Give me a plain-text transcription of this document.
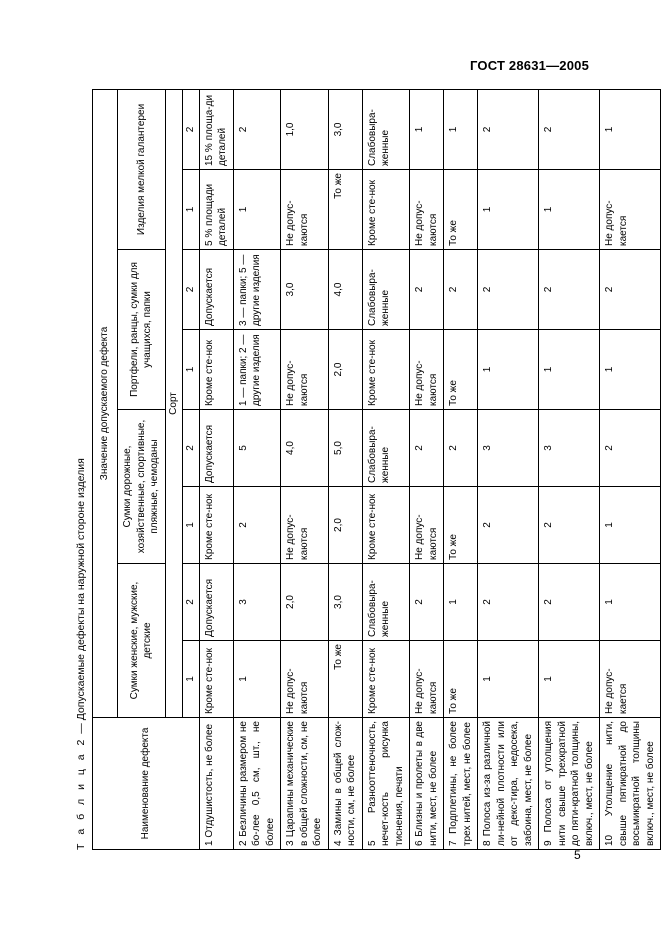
ГОСТ 28631—2005
Т а б л и ц а 2 — Допускаемые дефекты на наружной стороне изделия
Наименование дефекта	Значение допускаемого дефекта							
	Сумки женские, мужские, детские		Сумки дорожные, хозяйственные, спортивные, пляжные, чемоданы		Портфели, ранцы, сумки для учащихся, папки		Изделия мелкой галантереи	
	Сорт							
	1	2	1	2	1	2	1	2
1 Отдушистость, не более	Кроме сте-нок	Допускается	Кроме сте-нок	Допускается	Кроме сте-нок	Допускается	5 % площади деталей	15 % площа-ди деталей
2 Безличины размером не бо-лее 0,5 см, шт., не более	1	3	2	5	1 — папки; 2 — другие изделия	3 — папки; 5 — другие изделия	1	2
3 Царапины механические в общей сложности, см, не более	Не допус-каются	2,0	Не допус-каются	4,0	Не допус-каются	3,0	Не допус-каются	1,0
4 Замины в общей слож-ности, см, не более	То же	3,0	2,0	5,0	2,0	4,0	То же	3,0
5 Разнооттеночность, нечет-кость рисунка тиснения, печати	Кроме сте-нок	Слабовыра-женные	Кроме сте-нок	Слабовыра-женные	Кроме сте-нок	Слабовыра-женные	Кроме сте-нок	Слабовыра-женные
6 Близны и пролеты в две нити, мест, не более	Не допус-каются	2	Не допус-каются	2	Не допус-каются	2	Не допус-каются	1
7 Подплетины, не более трех нитей, мест, не более	То же	1	То же	2	То же	2	То же	1
8 Полоса из-за различной ли-нейной плотности или от декс-тира, недосека, забоина, мест, не более	1	2	2	3	1	2	1	2
9 Полоса от утолщения нити свыше трехкратной до пяти-кратной толщины, включ., мест, не более	1	2	2	3	1	2	1	2
10 Утолщение нити, свыше пятикратной до восьмикратной толщины включ., мест, не более	Не допус-кается	1	1	2	1	2	Не допус-кается	1
5
